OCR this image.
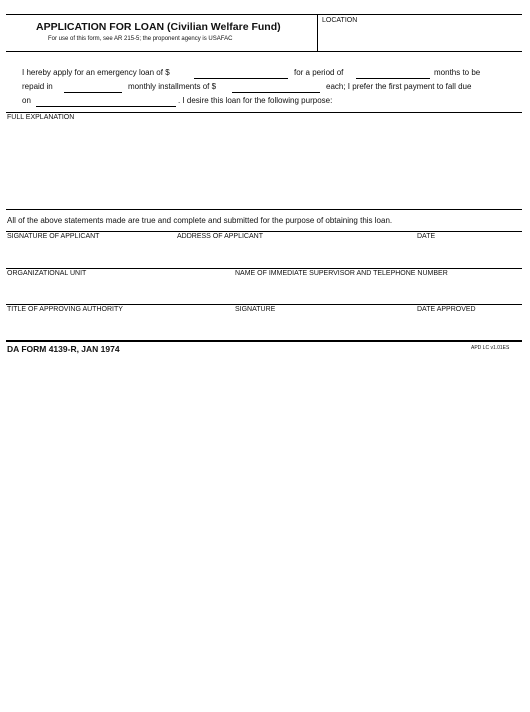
APPLICATION FOR LOAN (Civilian Welfare Fund)
For use of this form, see AR 215-5; the proponent agency is USAFAC
LOCATION
I hereby apply for an emergency loan of $	for a period of	months to be
repaid in	monthly installments of $	each; I prefer the first payment to fall due
on	. I desire this loan for the following purpose:
FULL EXPLANATION
All of the above statements made are true and complete and submitted for the purpose of obtaining this loan.
SIGNATURE OF APPLICANT	ADDRESS OF APPLICANT	DATE
ORGANIZATIONAL UNIT	NAME OF IMMEDIATE SUPERVISOR AND TELEPHONE NUMBER
TITLE OF APPROVING AUTHORITY	SIGNATURE	DATE APPROVED
DA FORM 4139-R, JAN 1974	APD LC v1.01ES
